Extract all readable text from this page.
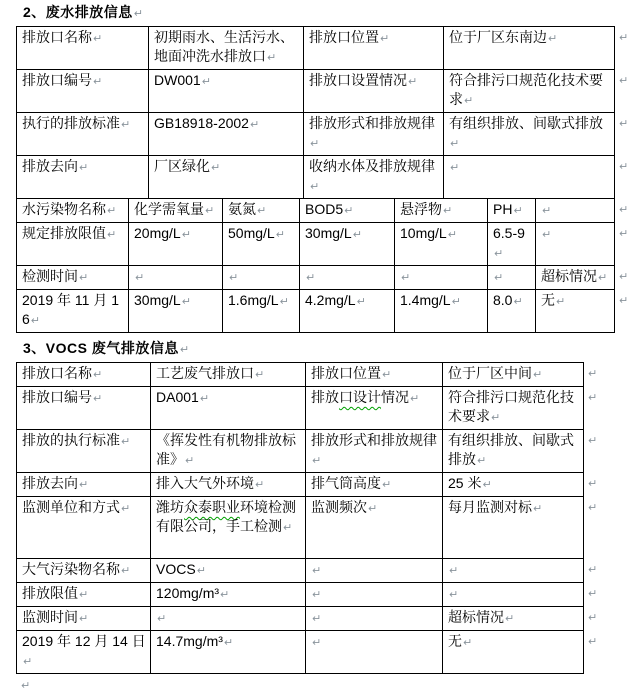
2、废水排放信息↵
排放口名称↵	初期雨水、生活污水、地面冲洗水排放口↵	排放口位置↵	位于厂区东南边↵ ↵

排放口编号↵	DW001↵	排放口设置情况↵	符合排污口规范化技术要求↵
↵

执行的排放标准↵	GB18918-2002↵	排放形式和排放规律↵	有组织排放、间歇式排放↵
↵

排放去向↵	厂区绿化↵	收纳水体及排放规律↵	↵ ↵
水污染物名称↵	化学需氧量↵	氨氮↵	BOD5↵	悬浮物↵	PH↵	↵ ↵

规定排放限值↵	20mg/L↵	50mg/L↵	30mg/L↵	10mg/L↵	6.5-9↵	↵ ↵

检测时间↵	↵	↵	↵	↵	↵	超标情况↵ ↵

2019 年 11 月 16↵	30mg/L↵	1.6mg/L↵	4.2mg/L↵	1.4mg/L↵	8.0↵	无↵ ↵
3、VOCS 废气排放信息↵
排放口名称↵	工艺废气排放口↵	排放口位置↵	位于厂区中间↵ ↵

排放口编号↵	DA001↵	排放口设计情况↵	符合排污口规范化技术要求↵
↵

排放的执行标准↵	《挥发性有机物排放标准》↵	排放形式和排放规律↵	有组织排放、间歇式排放↵
↵

排放去向↵	排入大气外环境↵	排气筒高度↵	25 米↵ ↵

监测单位和方式↵	潍坊众泰职业环境检测有限公司，手工检测↵	监测频次↵	每月监测对标↵ ↵

大气污染物名称↵	VOCS↵	↵	↵ ↵

排放限值↵	120mg/m³↵	↵	↵ ↵

监测时间↵	↵	↵	超标情况↵ ↵

2019 年 12 月 14 日↵	14.7mg/m³↵	↵	无↵ ↵
↵
